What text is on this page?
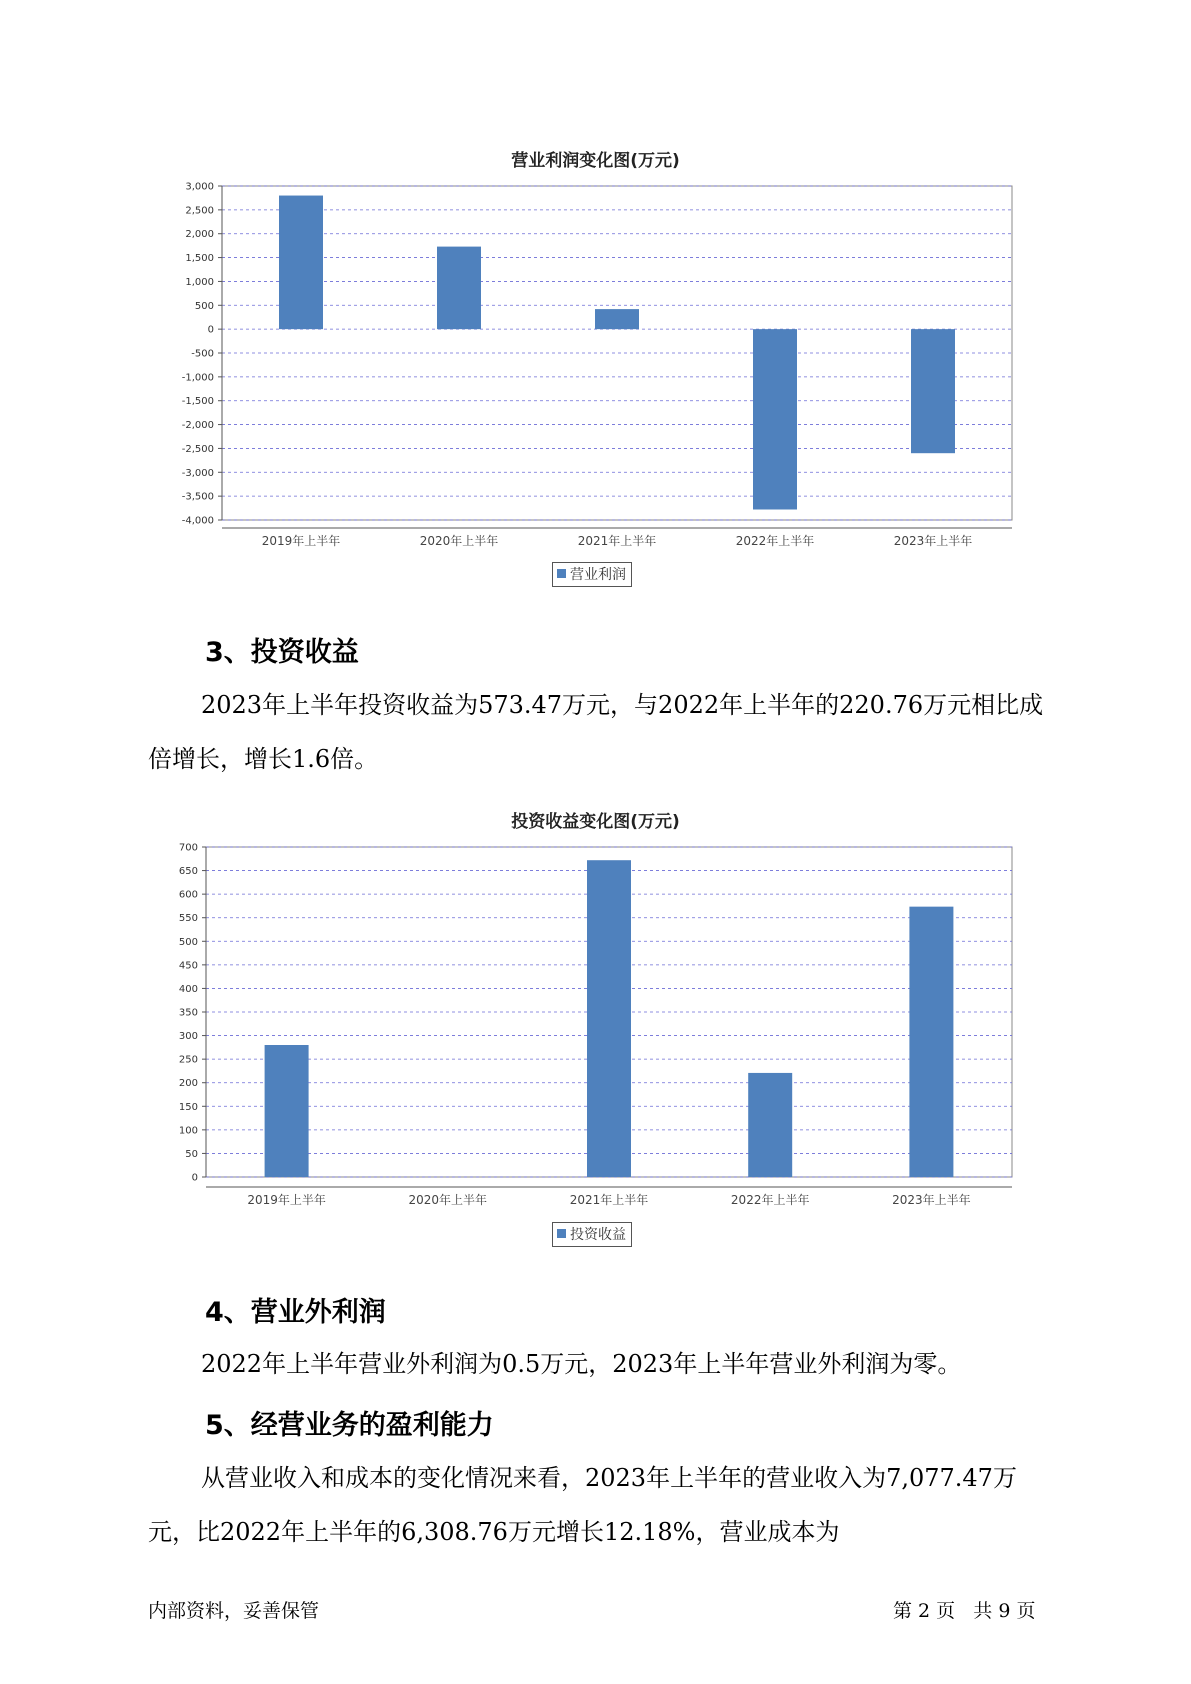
营业利润变化图(万元)
3,000
2,500
2,000
1,500
1,000
500
0
-500
-1,000
-1,500
-2,000
-2,500
-3,000
-3,500
-4,000
2019年上半年	2020年上半年	2021年上半年	2022年上半年	2023年上半年
营业利润
3、投资收益

2023年上半年投资收益为573.47万元，与2022年上半年的220.76万元相比成倍增长，增长1.6倍。

投资收益变化图(万元)
700
650
600
550
500
450
400
350
300
250
200
150
100
50
0
2019年上半年	2020年上半年	2021年上半年	2022年上半年	2023年上半年
投资收益
4、营业外利润

2022年上半年营业外利润为0.5万元，2023年上半年营业外利润为零。

5、经营业务的盈利能力

从营业收入和成本的变化情况来看，2023年上半年的营业收入为7,077.47万元，比2022年上半年的6,308.76万元增长12.18%，营业成本为

内部资料，妥善保管	第 2 页   共 9 页
